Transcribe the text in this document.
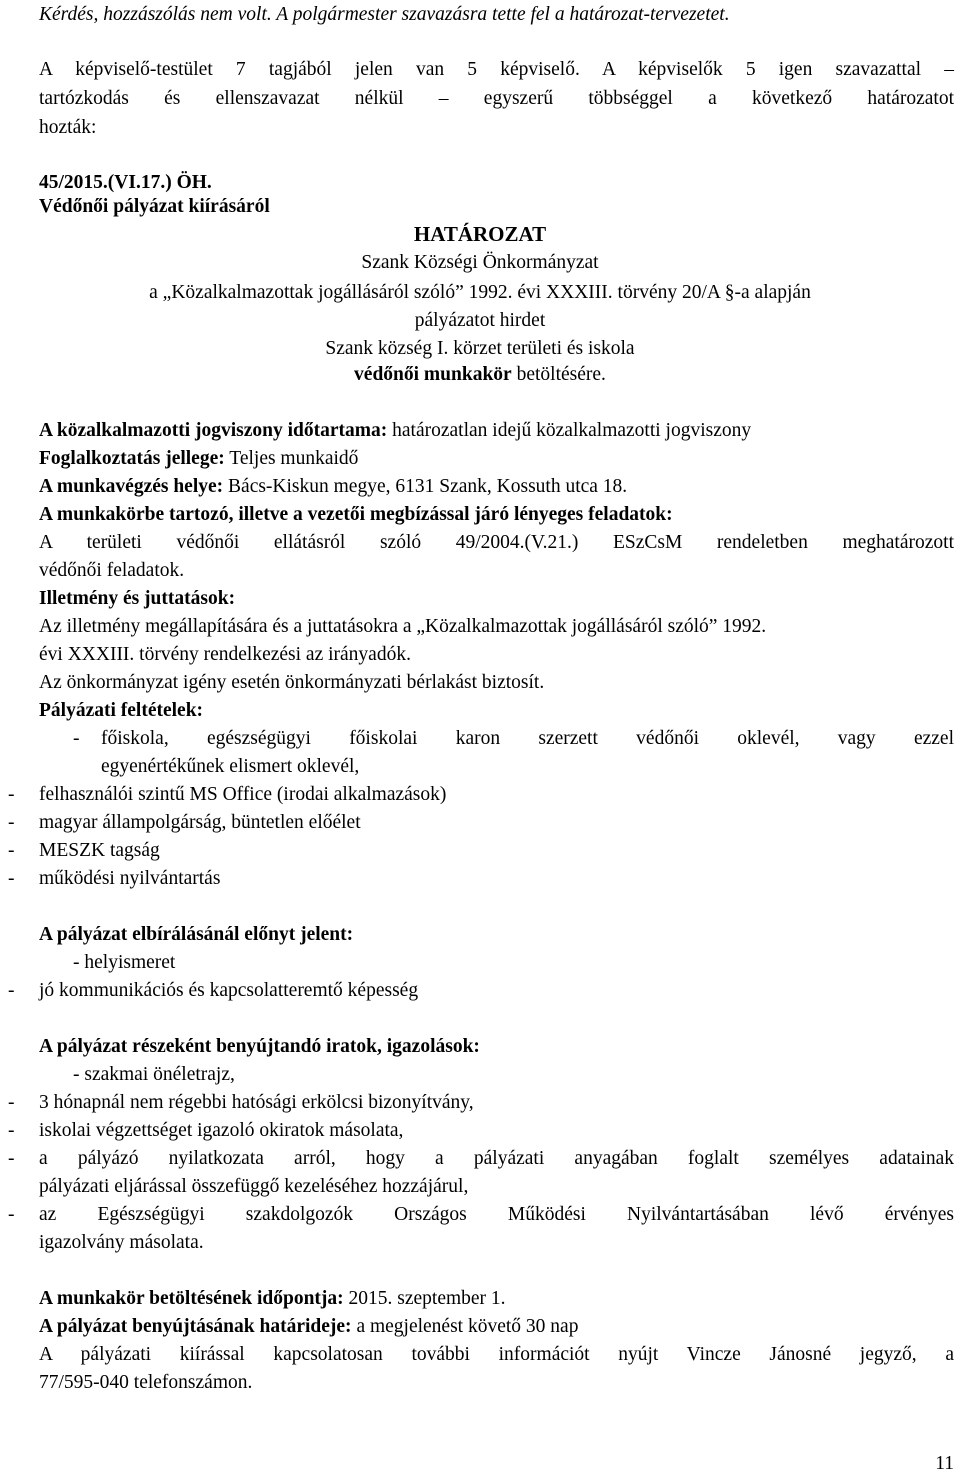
Kérdés, hozzászólás nem volt. A polgármester szavazásra tette fel a határozat-tervezetet.
A képviselő-testület 7 tagjából jelen van 5 képviselő. A képviselők 5 igen szavazattal –
tartózkodás és ellenszavazat nélkül – egyszerű többséggel a következő határozatot
hozták:
45/2015.(VI.17.) ÖH.
Védőnői pályázat kiírásáról
HATÁROZAT
Szank Községi Önkormányzat
a „Közalkalmazottak jogállásáról szóló” 1992. évi XXXIII. törvény 20/A §-a alapján
pályázatot hirdet
Szank község I. körzet területi és iskola
védőnői munkakör betöltésére.
A közalkalmazotti jogviszony időtartama: határozatlan idejű közalkalmazotti jogviszony
Foglalkoztatás jellege: Teljes munkaidő
A munkavégzés helye: Bács-Kiskun megye, 6131 Szank, Kossuth utca 18.
A munkakörbe tartozó, illetve a vezetői megbízással járó lényeges feladatok:
A területi védőnői ellátásról szóló 49/2004.(V.21.) ESzCsM rendeletben meghatározott
védőnői feladatok.
Illetmény és juttatások:
Az illetmény megállapítására és a juttatásokra a „Közalkalmazottak jogállásáról szóló” 1992.
évi XXXIII. törvény rendelkezési az irányadók.
Az önkormányzat igény esetén önkormányzati bérlakást biztosít.
Pályázati feltételek:
- főiskola, egészségügyi főiskolai karon szerzett védőnői oklevél, vagy ezzel
egyenértékűnek elismert oklevél,
- felhasználói szintű MS Office (irodai alkalmazások)
- magyar állampolgárság, büntetlen előélet
- MESZK tagság
- működési nyilvántartás
A pályázat elbírálásánál előnyt jelent:
- helyismeret
- jó kommunikációs és kapcsolatteremtő képesség
A pályázat részeként benyújtandó iratok, igazolások:
- szakmai önéletrajz,
- 3 hónapnál nem régebbi hatósági erkölcsi bizonyítvány,
- iskolai végzettséget igazoló okiratok másolata,
- a pályázó nyilatkozata arról, hogy a pályázati anyagában foglalt személyes adatainak
pályázati eljárással összefüggő kezeléséhez hozzájárul,
- az Egészségügyi szakdolgozók Országos Működési Nyilvántartásában lévő érvényes
igazolvány másolata.
A munkakör betöltésének időpontja: 2015. szeptember 1.
A pályázat benyújtásának határideje: a megjelenést követő 30 nap
A pályázati kiírással kapcsolatosan további információt nyújt Vincze Jánosné jegyző, a
77/595-040 telefonszámon.
11
